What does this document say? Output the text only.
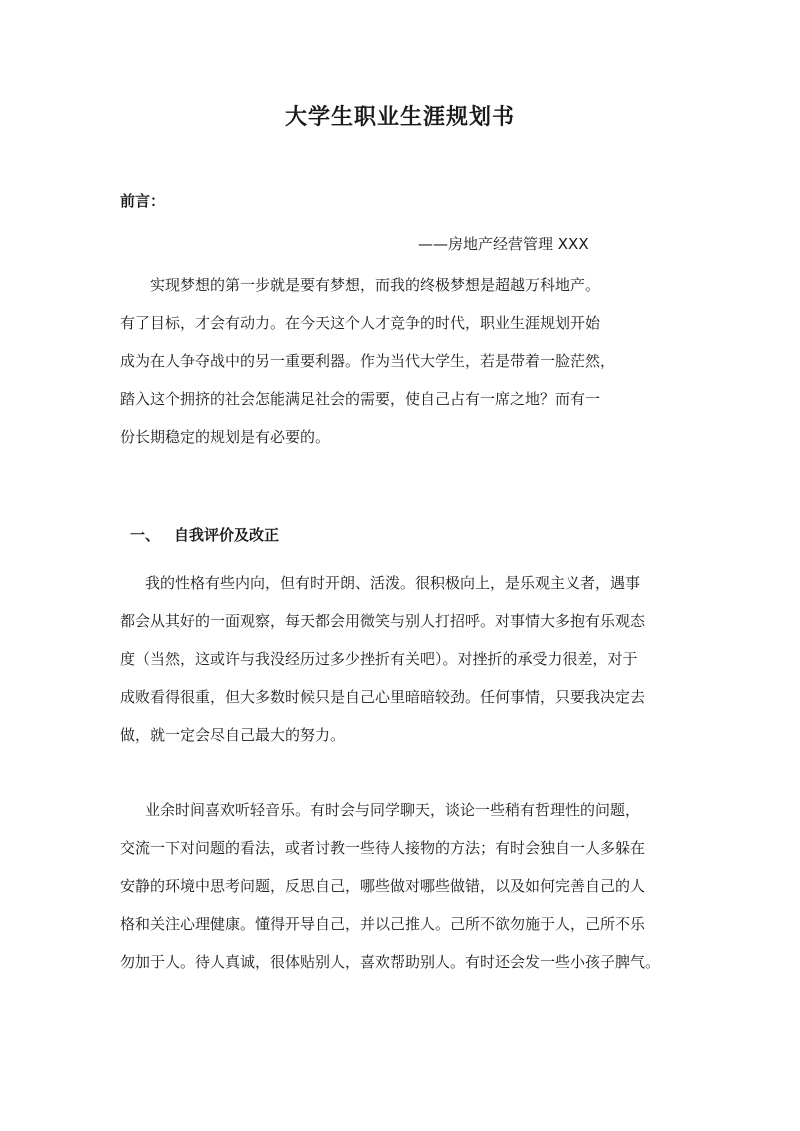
大学生职业生涯规划书

前言：

——房地产经营管理 XXX

实现梦想的第一步就是要有梦想，而我的终极梦想是超越万科地产。
有了目标，才会有动力。在今天这个人才竞争的时代，职业生涯规划开始
成为在人争夺战中的另一重要利器。作为当代大学生，若是带着一脸茫然，
踏入这个拥挤的社会怎能满足社会的需要，使自己占有一席之地？而有一
份长期稳定的规划是有必要的。

一、 自我评价及改正

我的性格有些内向，但有时开朗、活泼。很积极向上，是乐观主义者，遇事
都会从其好的一面观察，每天都会用微笑与别人打招呼。对事情大多抱有乐观态
度（当然，这或许与我没经历过多少挫折有关吧）。对挫折的承受力很差，对于
成败看得很重，但大多数时候只是自己心里暗暗较劲。任何事情，只要我决定去
做，就一定会尽自己最大的努力。

业余时间喜欢听轻音乐。有时会与同学聊天，谈论一些稍有哲理性的问题，
交流一下对问题的看法，或者讨教一些待人接物的方法；有时会独自一人多躲在
安静的环境中思考问题，反思自己，哪些做对哪些做错，以及如何完善自己的人
格和关注心理健康。懂得开导自己，并以己推人。己所不欲勿施于人，己所不乐
勿加于人。待人真诚，很体贴别人，喜欢帮助别人。有时还会发一些小孩子脾气。
